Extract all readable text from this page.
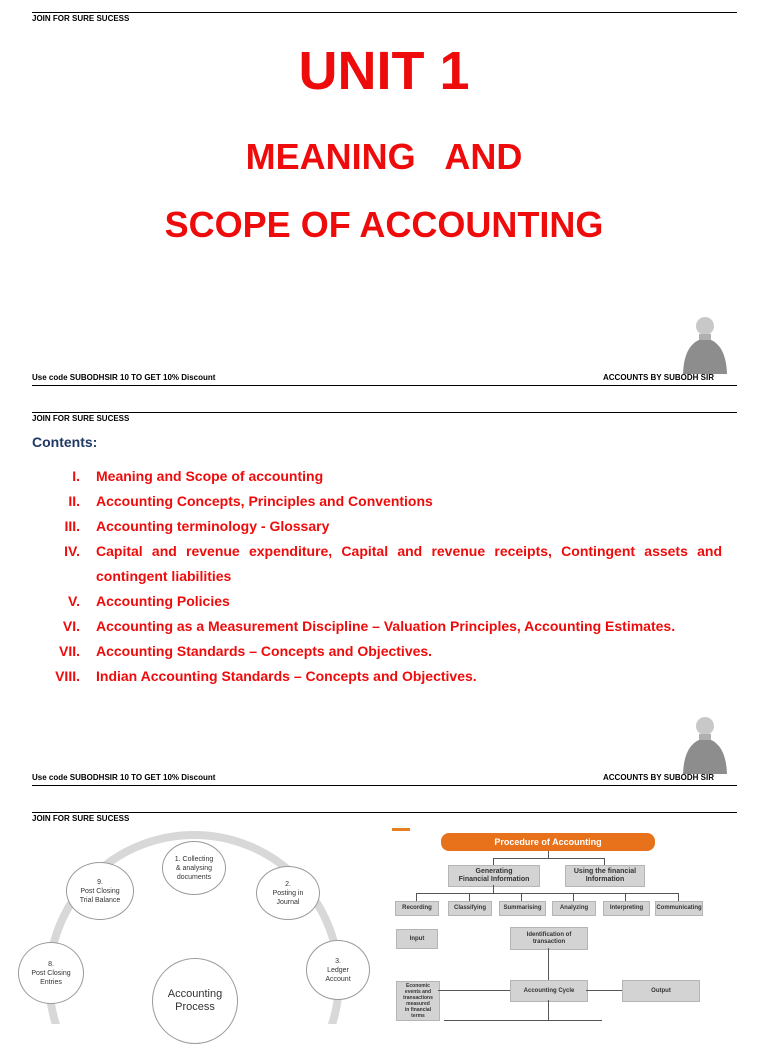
JOIN FOR SURE SUCESS
UNIT 1
MEANING   AND
SCOPE OF ACCOUNTING
Use code SUBODHSIR 10 TO GET 10% Discount	ACCOUNTS BY SUBODH SIR
JOIN FOR SURE SUCESS
Contents:
I.	Meaning and Scope of accounting
II.	Accounting Concepts, Principles and Conventions
III.	Accounting terminology - Glossary
IV.	Capital and revenue expenditure, Capital and revenue receipts, Contingent assets and contingent liabilities
V.	Accounting Policies
VI.	Accounting as a Measurement Discipline – Valuation Principles, Accounting Estimates.
VII.	Accounting Standards – Concepts and Objectives.
VIII.	Indian Accounting Standards – Concepts and Objectives.
Use code SUBODHSIR 10 TO GET 10% Discount	ACCOUNTS BY SUBODH SIR
JOIN FOR SURE SUCESS
1. Collecting
& analysing
documents
2.
Posting in
Journal
3.
Ledger
Account
9.
Post Closing
Trial Balance
8.
Post Closing
Entries
Accounting
Process
Procedure of Accounting
Generating
Financial Information
Using the financial
Information
Recording	Classifying	Summarising	Analyzing	Interpreting	Communicating
Input
Identification of
transaction
Economic
events and
transactions
measured
in financial
terms
Accounting Cycle	Output
